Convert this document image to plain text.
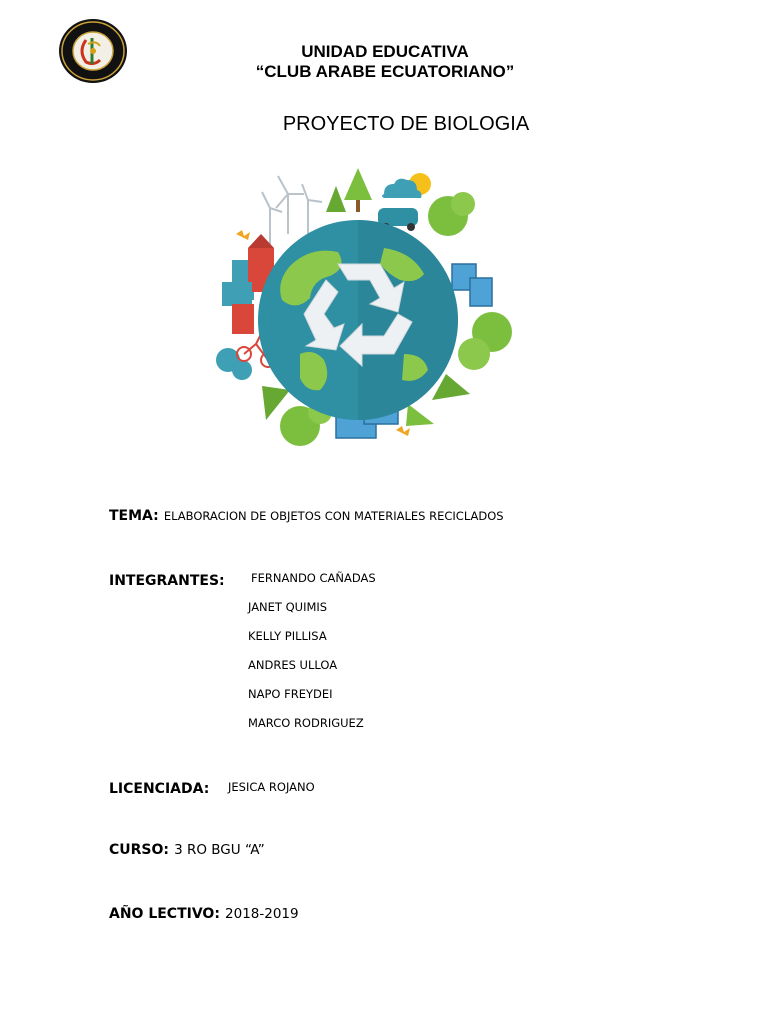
UNIDAD EDUCATIVA
“CLUB ARABE ECUATORIANO”
PROYECTO DE BIOLOGIA
TEMA: ELABORACION DE OBJETOS CON MATERIALES RECICLADOS
INTEGRANTES: FERNANDO CAÑADAS
JANET QUIMIS
KELLY PILLISA
ANDRES ULLOA
NAPO FREYDEI
MARCO RODRIGUEZ
LICENCIADA: JESICA ROJANO
CURSO: 3 RO BGU “A”
AÑO LECTIVO: 2018-2019
